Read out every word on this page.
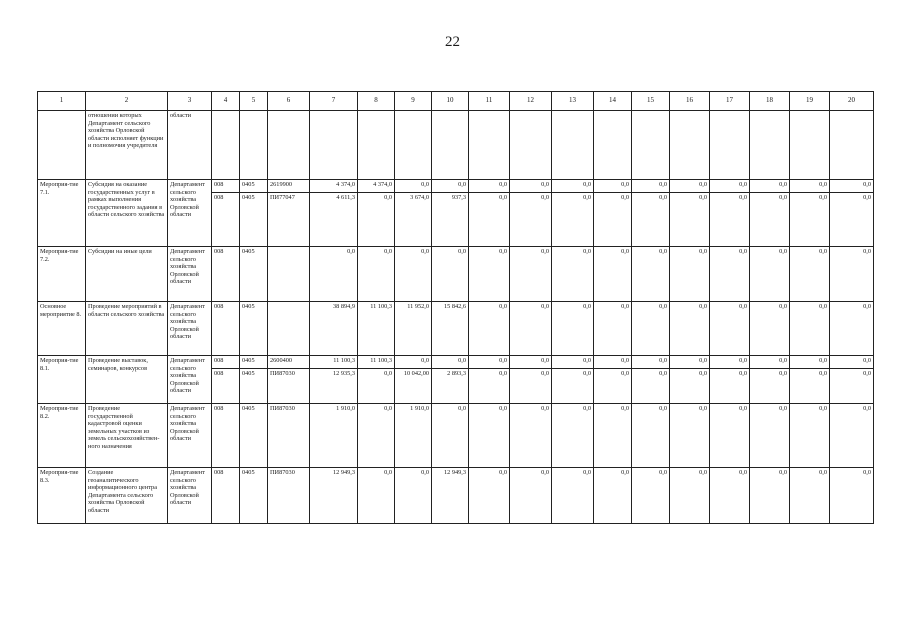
22
1	2	3	4	5	6	7	8	9	10	11	12	13	14	15	16	17	18	19	20
	отношении которых Департамент сельского хозяйства Орловской области исполняет функции и полномочия учредителя	области																	
Мероприя-тие 7.1.	Субсидия на оказание государственных услуг в рамках выполнения государственного задания в области сельского хозяйства	Департамент сельского хозяйства Орловской области	008	0405	2619900	4 374,0	4 374,0	0,0	0,0	0,0	0,0	0,0	0,0	0,0	0,0	0,0	0,0	0,0	0,0
			008	0405	ПИ77047	4 611,3	0,0	3 674,0	937,3	0,0	0,0	0,0	0,0	0,0	0,0	0,0	0,0	0,0	0,0
Мероприя-тие 7.2.	Субсидии на иные цели	Департамент сельского хозяйства Орловской области	008	0405		0,0	0,0	0,0	0,0	0,0	0,0	0,0	0,0	0,0	0,0	0,0	0,0	0,0	0,0
Основное мероприятие 8.	Проведение мероприятий в области сельского хозяйства	Департамент сельского хозяйства Орловской области	008	0405		38 894,9	11 100,3	11 952,0	15 842,6	0,0	0,0	0,0	0,0	0,0	0,0	0,0	0,0	0,0	0,0
Мероприя-тие 8.1.	Проведение выставок, семинаров, конкурсов	Департамент сельского хозяйства Орловской области	008	0405	2600400	11 100,3	11 100,3	0,0	0,0	0,0	0,0	0,0	0,0	0,0	0,0	0,0	0,0	0,0	0,0
			008	0405	ПИ87030	12 935,3	0,0	10 042,00	2 893,3	0,0	0,0	0,0	0,0	0,0	0,0	0,0	0,0	0,0	0,0
Мероприя-тие 8.2.	Проведение государственной кадастровой оценки земельных участков из земель сельскохозяйствен-ного назначения	Департамент сельского хозяйства Орловской области	008	0405	ПИ87030	1 910,0	0,0	1 910,0	0,0	0,0	0,0	0,0	0,0	0,0	0,0	0,0	0,0	0,0	0,0
Мероприя-тие 8.3.	Создание геоаналитического информационного центра Департамента сельского хозяйства Орловской области	Департамент сельского хозяйства Орловской области	008	0405	ПИ87030	12 949,3	0,0	0,0	12 949,3	0,0	0,0	0,0	0,0	0,0	0,0	0,0	0,0	0,0	0,0
